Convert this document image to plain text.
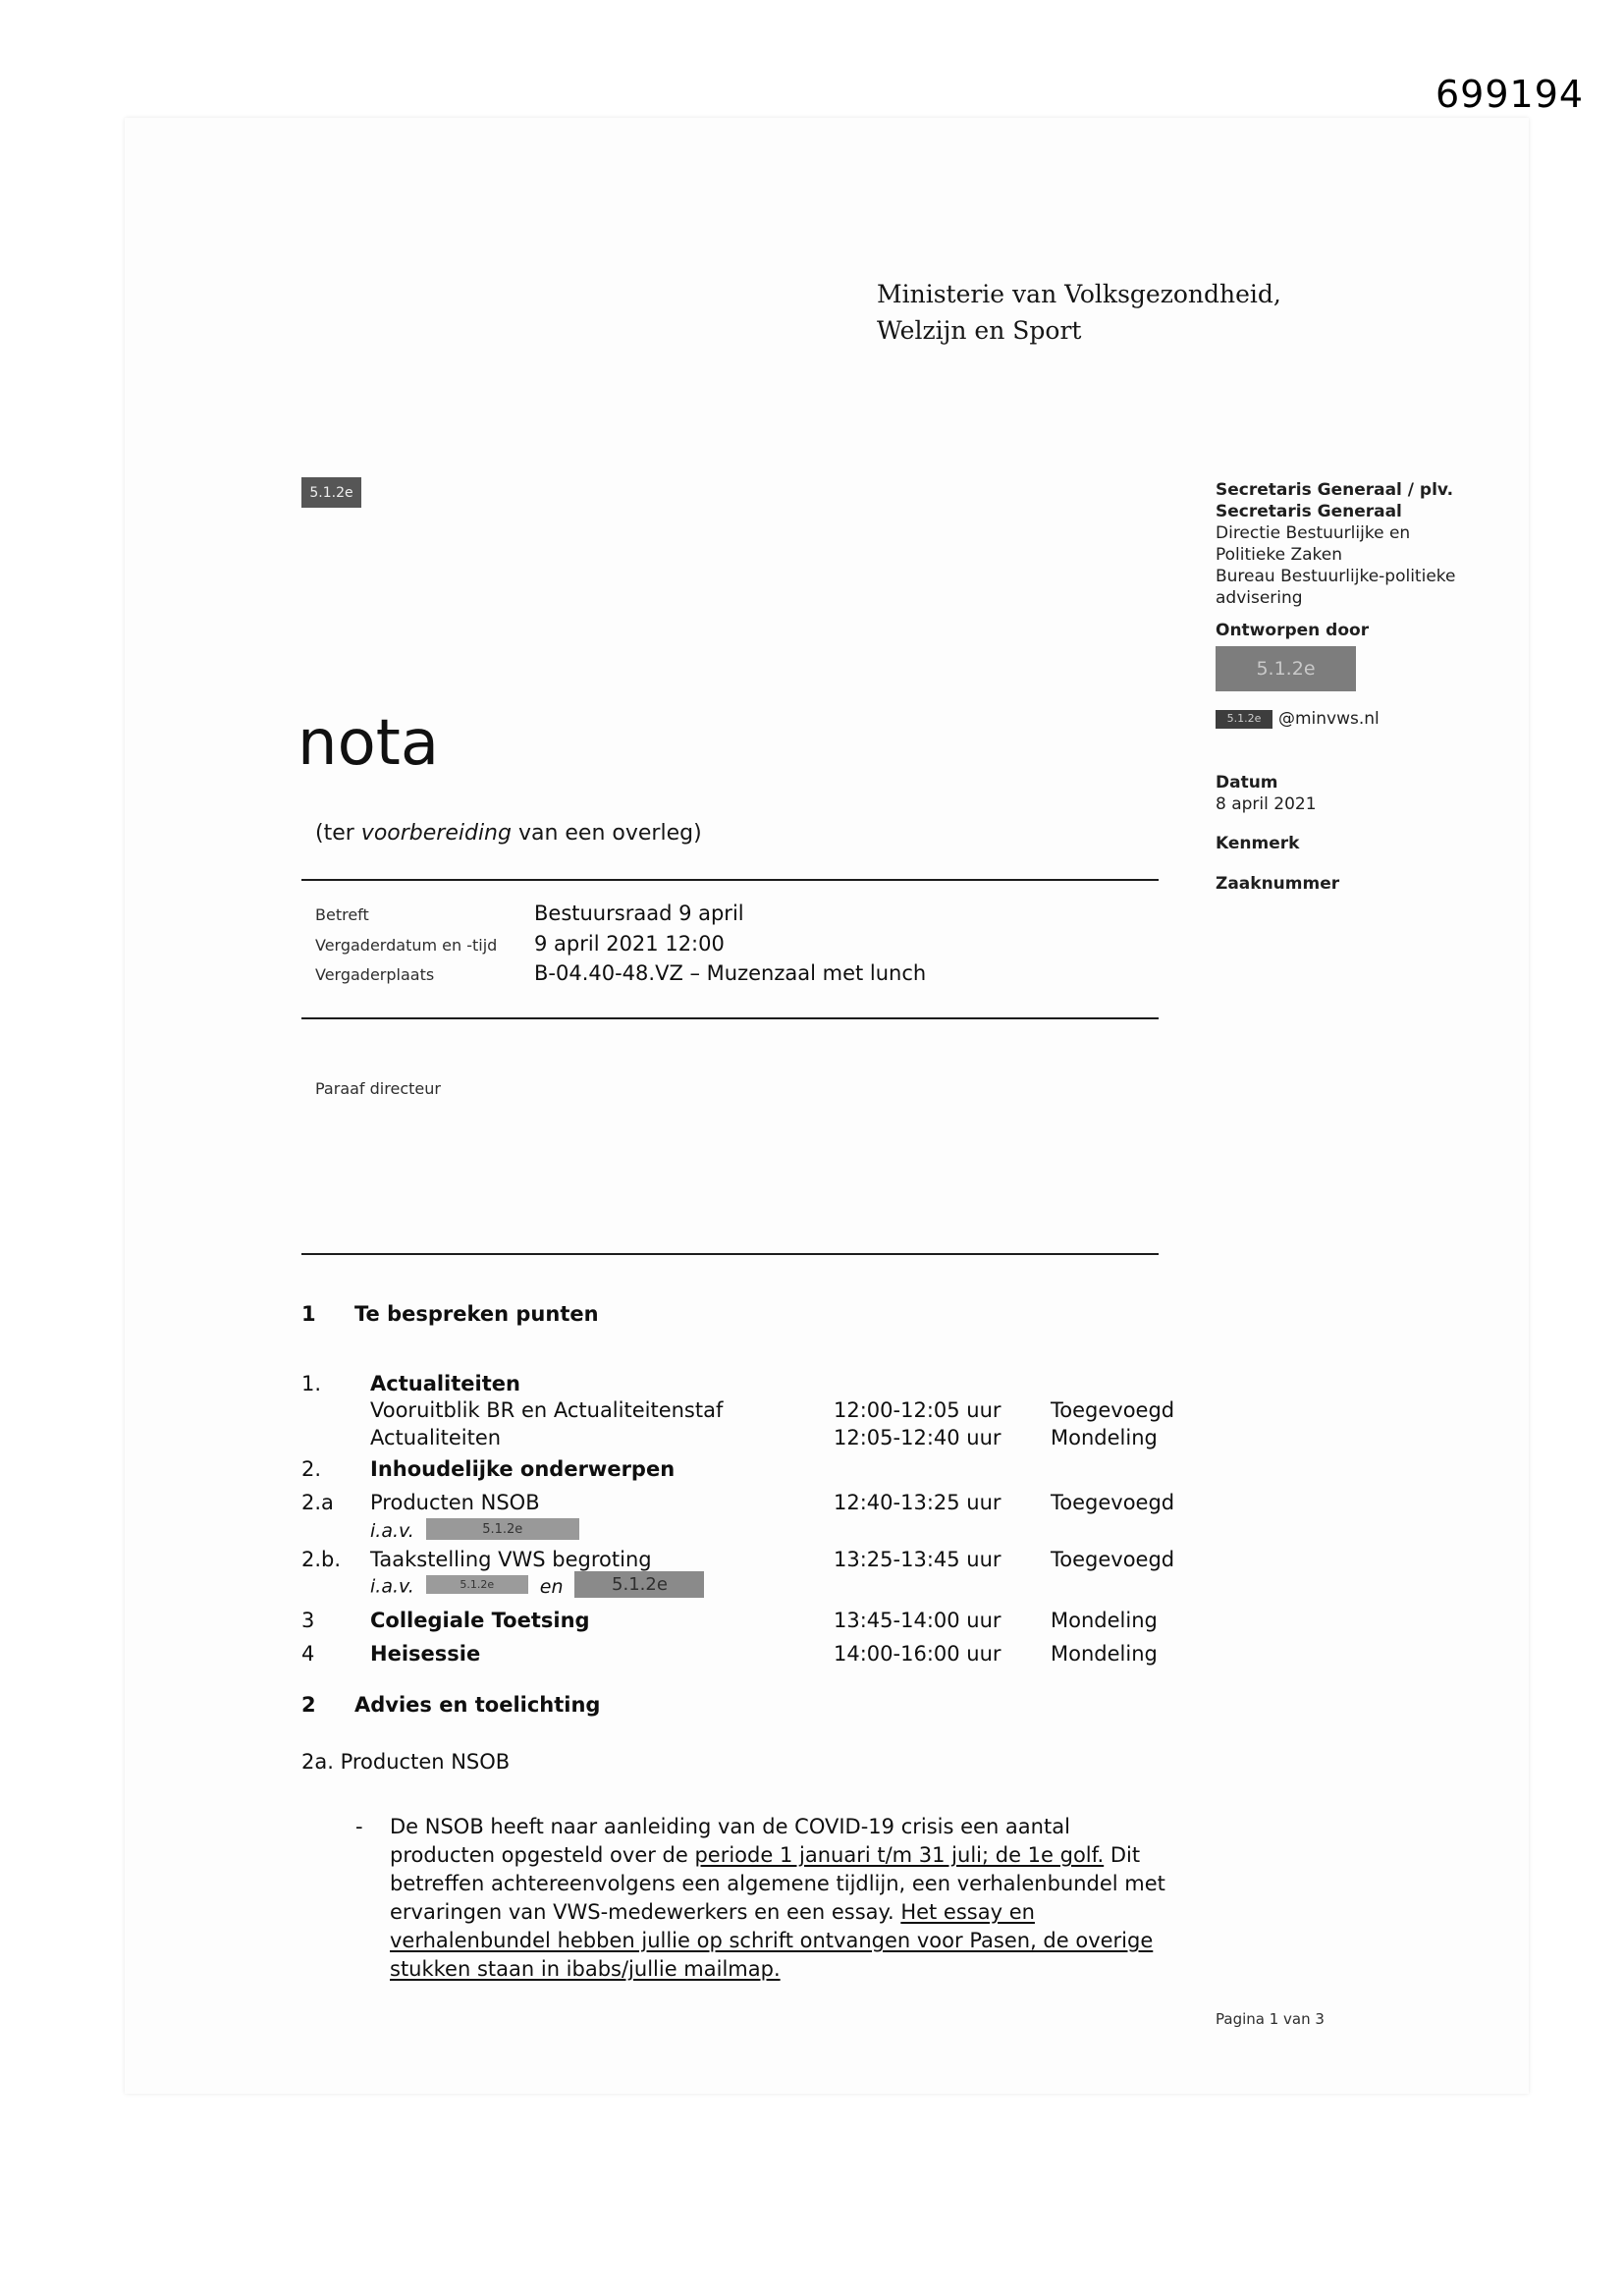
699194
Ministerie van Volksgezondheid,
Welzijn en Sport
5.1.2e	Secretaris Generaal / plv.
Secretaris Generaal
Directie Bestuurlijke en
Politieke Zaken
Bureau Bestuurlijke-politieke
advisering
Ontworpen door
5.1.2e
5.1.2e	@minvws.nl
Datum
8 april 2021
Kenmerk
Zaaknummer
nota
(ter voorbereiding van een overleg)
Betreft	Bestuursraad 9 april
Vergaderdatum en -tijd	9 april 2021 12:00
Vergaderplaats	B-04.40-48.VZ – Muzenzaal met lunch
Paraaf directeur
1	Te bespreken punten
1. Actualiteiten
Vooruitblik BR en Actualiteitenstaf	12:00-12:05 uur Toegevoegd
Actualiteiten	12:05-12:40 uur Mondeling
2. Inhoudelijke onderwerpen
2.a Producten NSOB	12:40-13:25 uur Toegevoegd
i.a.v.	5.1.2e
2.b. Taakstelling VWS begroting	13:25-13:45 uur Toegevoegd
i.a.v.	5.1.2e en	5.1.2e
3	Collegiale Toetsing	13:45-14:00 uur Mondeling
4	Heisessie	14:00-16:00 uur Mondeling
2	Advies en toelichting
2a. Producten NSOB
- De NSOB heeft naar aanleiding van de COVID-19 crisis een aantal
producten opgesteld over de periode 1 januari t/m 31 juli; de 1e golf. Dit
betreffen achtereenvolgens een algemene tijdlijn, een verhalenbundel met
ervaringen van VWS-medewerkers en een essay. Het essay en
verhalenbundel hebben jullie op schrift ontvangen voor Pasen, de overige
stukken staan in ibabs/jullie mailmap.
Pagina 1 van 3
